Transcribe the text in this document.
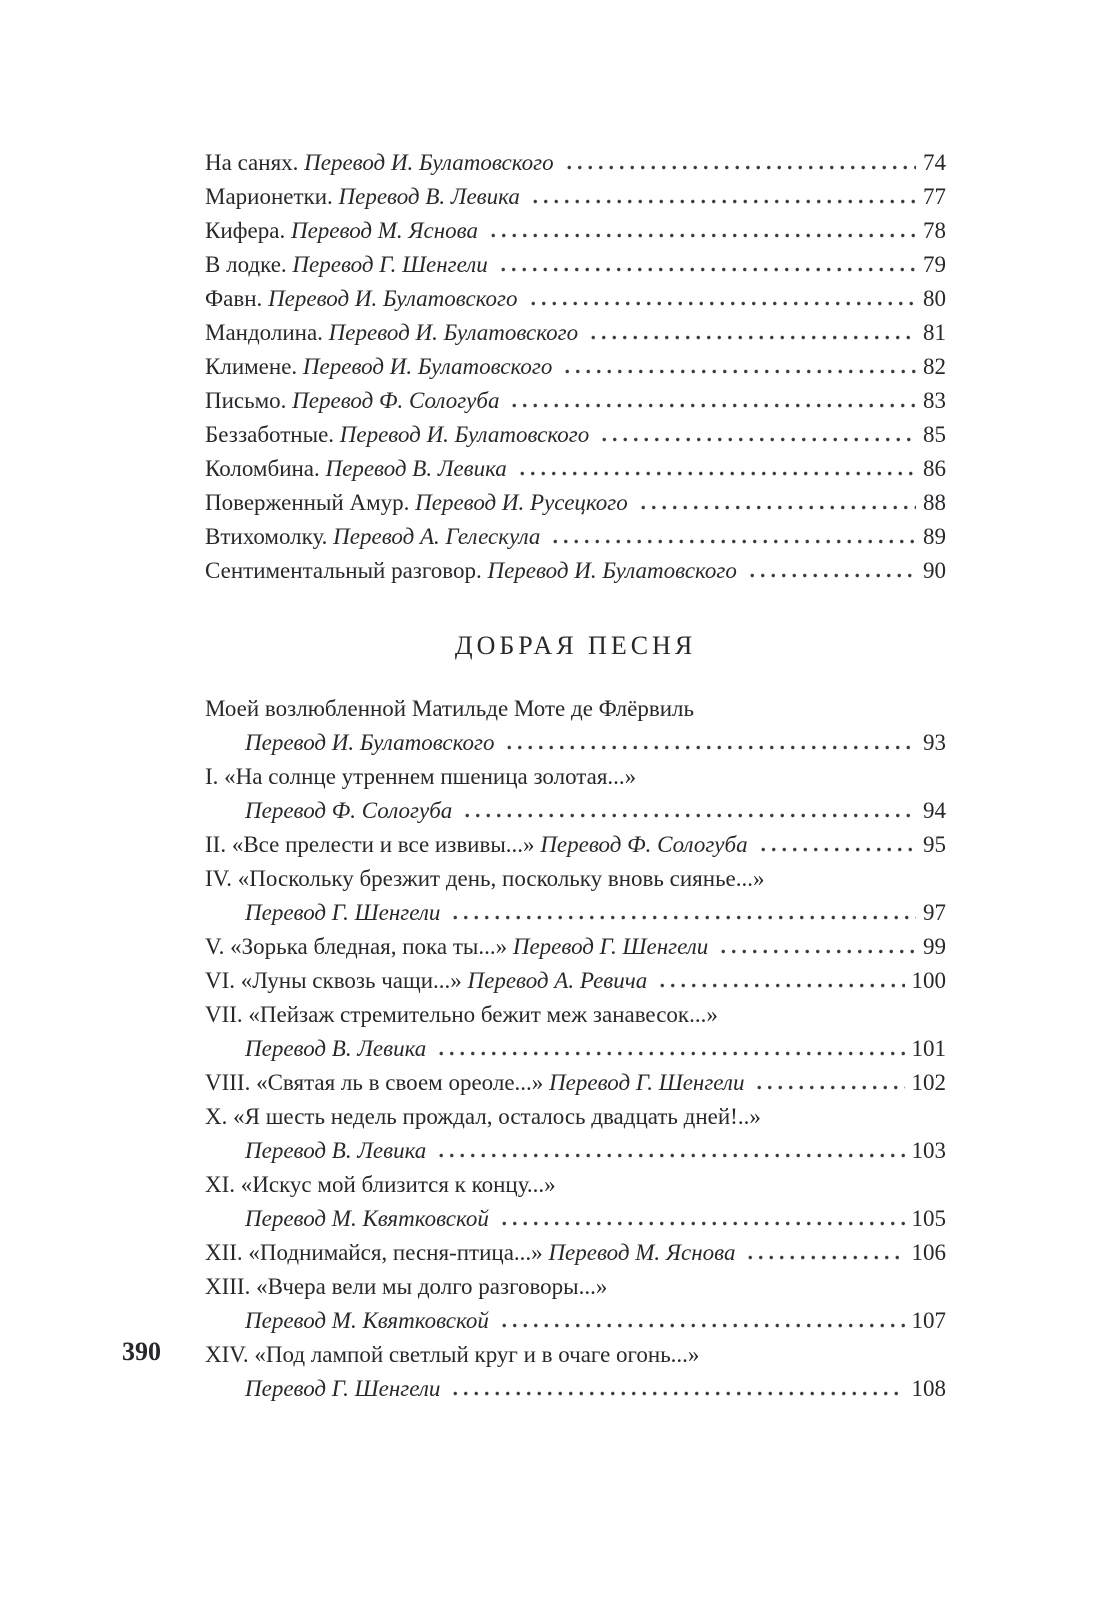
На санях. Перевод И. Булатовского	74
Марионетки. Перевод В. Левика	77
Кифера. Перевод М. Яснова	78
В лодке. Перевод Г. Шенгели	79
Фавн. Перевод И. Булатовского	80
Мандолина. Перевод И. Булатовского	81
Климене. Перевод И. Булатовского	82
Письмо. Перевод Ф. Сологуба	83
Беззаботные. Перевод И. Булатовского	85
Коломбина. Перевод В. Левика	86
Поверженный Амур. Перевод И. Русецкого	88
Втихомолку. Перевод А. Гелескула	89
Сентиментальный разговор. Перевод И. Булатовского	90
ДОБРАЯ ПЕСНЯ
Моей возлюбленной Матильде Моте де Флёрвиль
Перевод И. Булатовского	93
I. «На солнце утреннем пшеница золотая...»
Перевод Ф. Сологуба	94
II. «Все прелести и все извивы...» Перевод Ф. Сологуба	95
IV. «Поскольку брезжит день, поскольку вновь сиянье...»
Перевод Г. Шенгели	97
V. «Зорька бледная, пока ты...» Перевод Г. Шенгели	99
VI. «Луны сквозь чащи...» Перевод А. Ревича	100
VII. «Пейзаж стремительно бежит меж занавесок...»
Перевод В. Левика	101
VIII. «Святая ль в своем ореоле...» Перевод Г. Шенгели	102
X. «Я шесть недель прождал, осталось двадцать дней!..»
Перевод В. Левика	103
XI. «Искус мой близится к концу...»
Перевод М. Квятковской	105
XII. «Поднимайся, песня-птица...» Перевод М. Яснова	106
XIII. «Вчера вели мы долго разговоры...»
Перевод М. Квятковской	107
XIV. «Под лампой светлый круг и в очаге огонь...»
Перевод Г. Шенгели	108
390
